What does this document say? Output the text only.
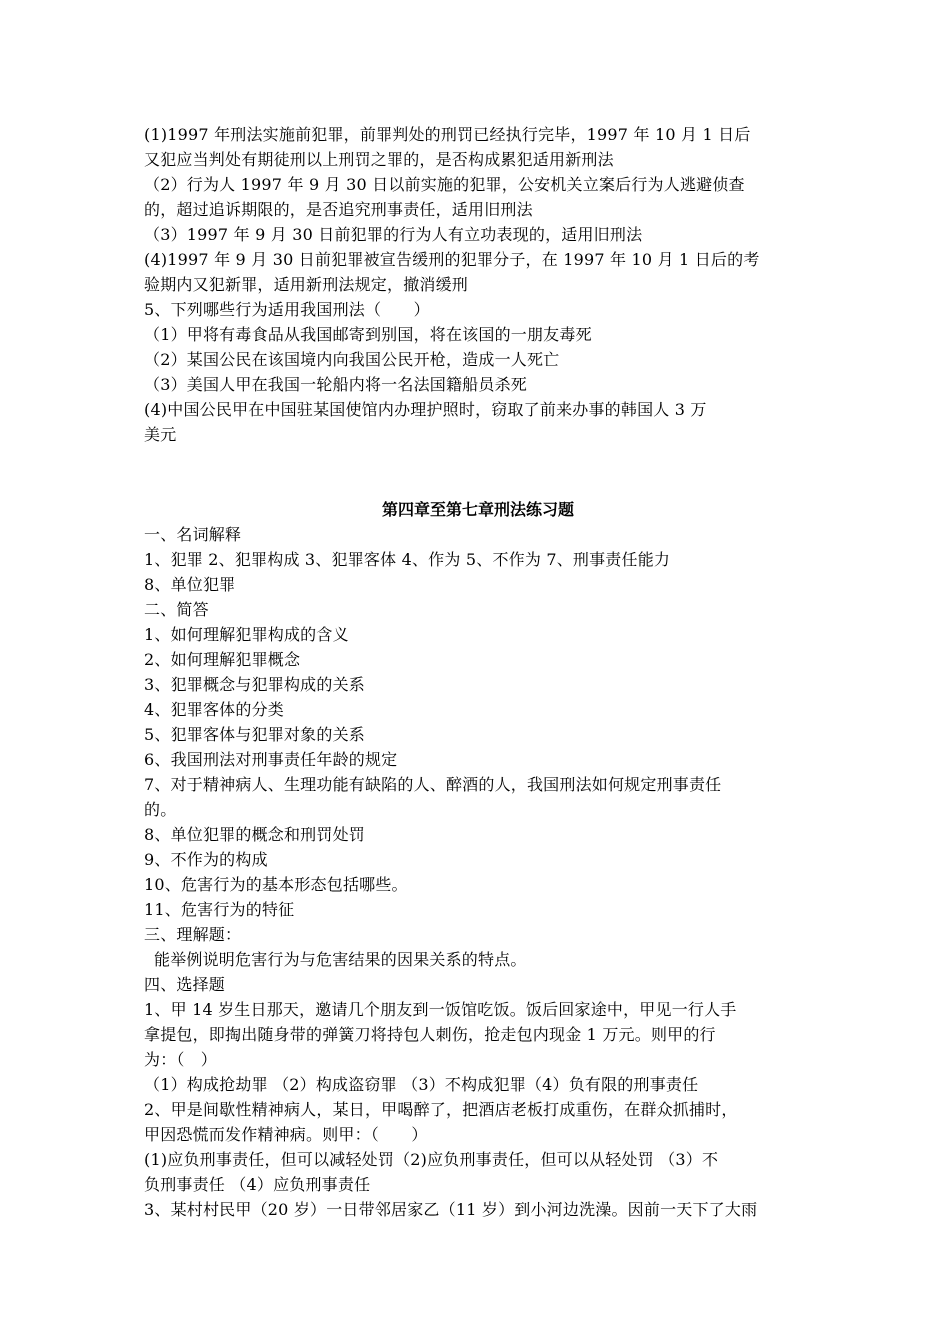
(1)1997 年刑法实施前犯罪，前罪判处的刑罚已经执行完毕，1997 年 10 月 1 日后

又犯应当判处有期徒刑以上刑罚之罪的，是否构成累犯适用新刑法

（2）行为人 1997 年 9 月 30 日以前实施的犯罪，公安机关立案后行为人逃避侦查

的，超过追诉期限的，是否追究刑事责任，适用旧刑法

（3）1997 年 9 月 30 日前犯罪的行为人有立功表现的，适用旧刑法

(4)1997 年 9 月 30 日前犯罪被宣告缓刑的犯罪分子，在 1997 年 10 月 1 日后的考

验期内又犯新罪，适用新刑法规定，撤消缓刑

5、下列哪些行为适用我国刑法（　　）

（1）甲将有毒食品从我国邮寄到别国，将在该国的一朋友毒死

（2）某国公民在该国境内向我国公民开枪，造成一人死亡

（3）美国人甲在我国一轮船内将一名法国籍船员杀死

(4)中国公民甲在中国驻某国使馆内办理护照时，窃取了前来办事的韩国人 3 万

美元

第四章至第七章刑法练习题

一、名词解释

1、犯罪 2、犯罪构成 3、犯罪客体 4、作为 5、不作为 7、刑事责任能力

8、单位犯罪

二、简答

1、如何理解犯罪构成的含义

2、如何理解犯罪概念

3、犯罪概念与犯罪构成的关系

4、犯罪客体的分类

5、犯罪客体与犯罪对象的关系

6、我国刑法对刑事责任年龄的规定

7、对于精神病人、生理功能有缺陷的人、醉酒的人，我国刑法如何规定刑事责任

的。

8、单位犯罪的概念和刑罚处罚

9、不作为的构成

10、危害行为的基本形态包括哪些。

11、危害行为的特征

三、理解题：

能举例说明危害行为与危害结果的因果关系的特点。

四、选择题

1、甲 14 岁生日那天，邀请几个朋友到一饭馆吃饭。饭后回家途中，甲见一行人手

拿提包，即掏出随身带的弹簧刀将持包人刺伤，抢走包内现金 1 万元。则甲的行

为：（　）

（1）构成抢劫罪 （2）构成盗窃罪 （3）不构成犯罪（4）负有限的刑事责任

2、甲是间歇性精神病人，某日，甲喝醉了，把酒店老板打成重伤，在群众抓捕时，

甲因恐慌而发作精神病。则甲：（　　）

(1)应负刑事责任，但可以减轻处罚（2)应负刑事责任，但可以从轻处罚 （3）不

负刑事责任 （4）应负刑事责任

3、某村村民甲（20 岁）一日带邻居家乙（11 岁）到小河边洗澡。因前一天下了大雨
